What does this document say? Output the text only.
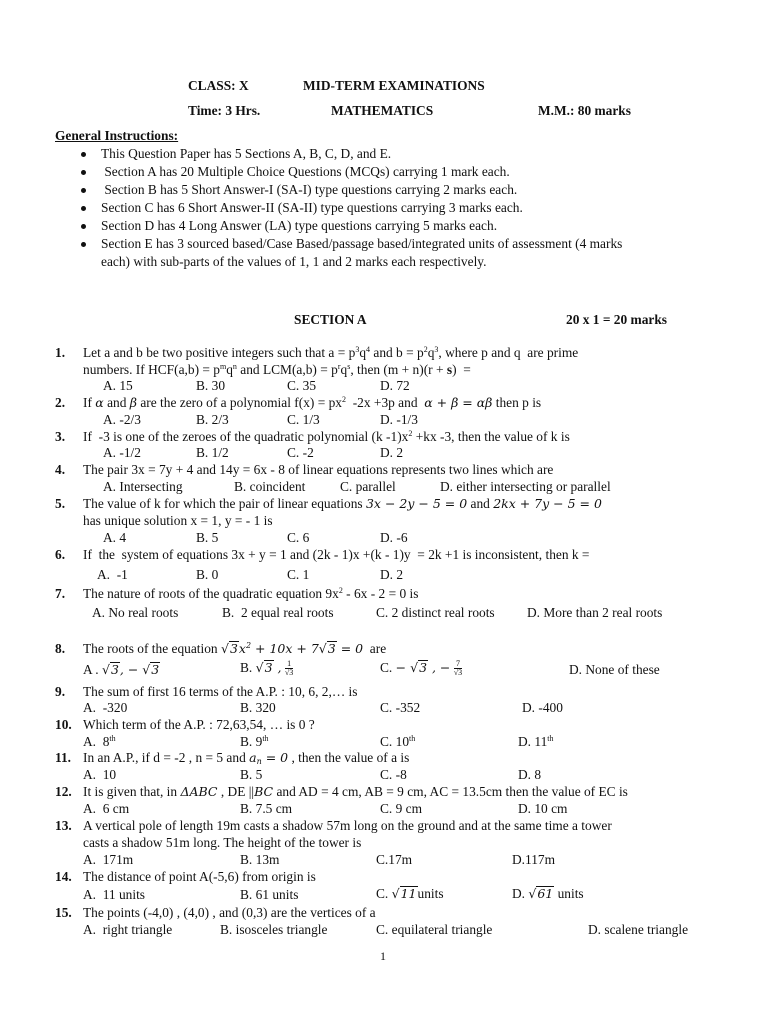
CLASS: X	MID-TERM EXAMINATIONS
Time: 3 Hrs.	MATHEMATICS	M.M.: 80 marks
General Instructions:
This Question Paper has 5 Sections A, B, C, D, and E.
Section A has 20 Multiple Choice Questions (MCQs) carrying 1 mark each.
Section B has 5 Short Answer-I (SA-I) type questions carrying 2 marks each.
Section C has 6 Short Answer-II (SA-II) type questions carrying 3 marks each.
Section D has 4 Long Answer (LA) type questions carrying 5 marks each.
Section E has 3 sourced based/Case Based/passage based/integrated units of assessment (4 marks
each) with sub-parts of the values of 1, 1 and 2 marks each respectively.
SECTION A	20 x 1 = 20 marks
1. Let a and b be two positive integers such that $a = p^3q^4$ and $b = p^2q^3$, where p and q  are prime
numbers. If $HCF(a,b) = p^mq^n$ and $LCM(a,b) = p^rq^s$, then (m + n)(r + s)  =
A. 15	B. 30	C. 35	D. 72
2. If α and β are the zero of a polynomial $f(x) = px^2$  -2x +3p and  α + β = αβ then p is
A. -2/3	B. 2/3	C. 1/3	D. -1/3
3. If  -3 is one of the zeroes of the quadratic polynomial (k $-1)x^2 +kx$ -3, then the value of k is
A. -1/2	B. 1/2	C. -2	D. 2
4. The pair 3x = 7y + 4 and 14y = 6x - 8 of linear equations represents two lines which are
A. Intersecting	B. coincident	C. parallel	D. either intersecting or parallel
5. The value of k for which the pair of linear equations 3x − 2y − 5 = 0 and 2kx + 7y − 5 = 0
has unique solution x = 1, y = - 1 is
A. 4	B. 5	C. 6	D. -6
6. If  the  system of equations 3x + y = 1 and (2k - 1)x +(k - 1)y  = 2k +1 is inconsistent, then k =
A.  -1	B. 0	C. 1	D. 2
7. The nature of roots of the quadratic equation $9x^2 - 6x - 2 = 0$ is
A. No real roots	B.  2 equal real roots	C. 2 distinct real roots D. More than 2 real roots
8. The roots of the equation $√3x^2 + 10x + 7√3 = 0$  are
A . √3, − √3	B. √3 , $\frac{1}{√3}$	C. − √3 , − $\frac{7}{√3}$	D. None of these
9. The sum of first 16 terms of the A.P. : 10, 6, 2,… is
A.  -320	B. 320	C. -352	D. -400
10. Which term of the A.P. : 72,63,54, … is 0 ?
A.  8th	B. 9th	C. 10th	D. 11th
11. In an A.P., if d = -2 , n = 5 and $a_n = 0$ , then the value of a is
A.  10	B. 5	C. -8	D. 8
12. It is given that, in ΔABC , DE ||BC and AD = 4 cm, AB = 9 cm, AC = 13.5cm then the value of EC is
A.  6 cm	B. 7.5 cm	C. 9 cm	D. 10 cm
13. A vertical pole of length 19m casts a shadow 57m long on the ground and at the same time a tower
casts a shadow 51m long. The height of the tower is
A.  171m	B. 13m	C.17m	D.117m
14. The distance of point A(-5,6) from origin is
A.  11 units	B. 61 units	C. √11units	D. √61 units
15. The points (-4,0) , (4,0) , and (0,3) are the vertices of a
A.  right triangle	B. isosceles triangle	C. equilateral triangle	D. scalene triangle
1
